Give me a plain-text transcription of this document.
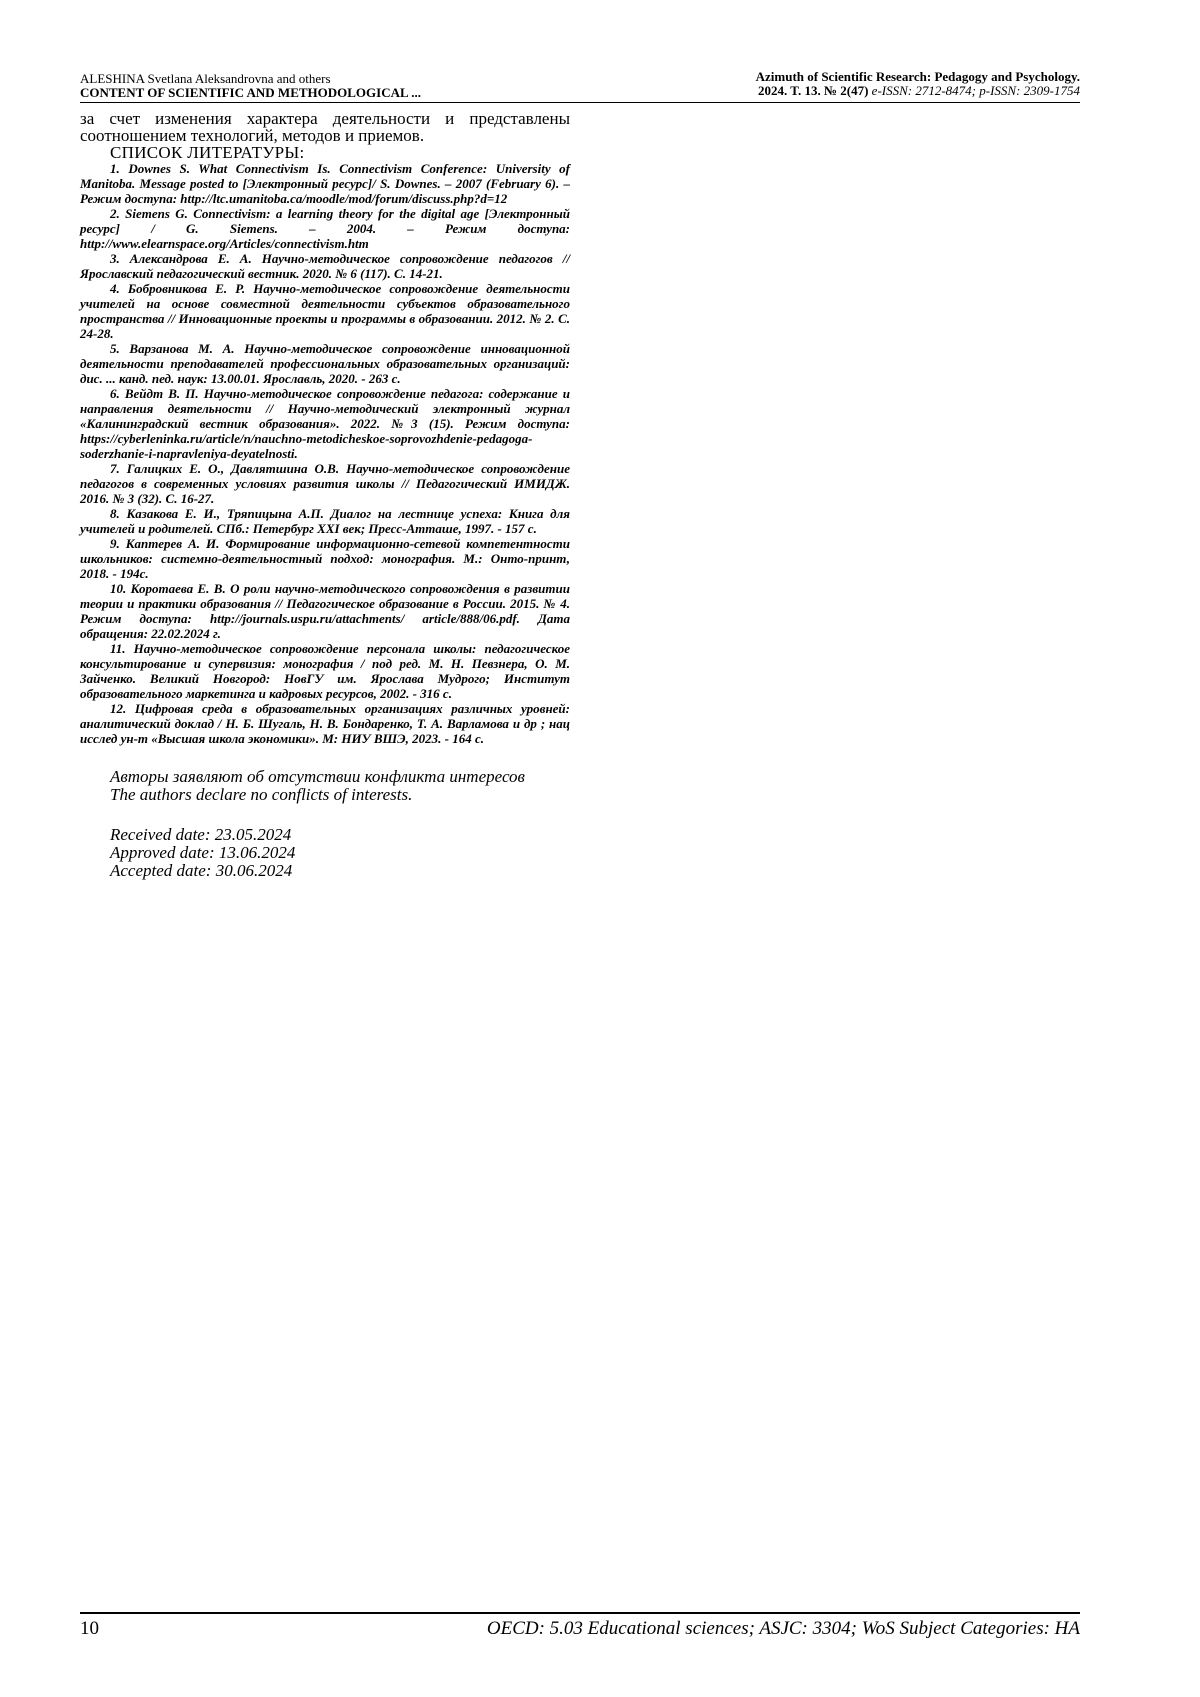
ALESHINA Svetlana Aleksandrovna and others
CONTENT OF SCIENTIFIC AND METHODOLOGICAL ...
Azimuth of Scientific Research: Pedagogy and Psychology.
2024. T. 13. № 2(47) e-ISSN: 2712-8474; p-ISSN: 2309-1754

за счет изменения характера деятельности и представлены соотношением технологий, методов и приемов.

СПИСОК ЛИТЕРАТУРЫ:

1. Downes S. What Connectivism Is. Connectivism Conference: University of Manitoba. Message posted to [Электронный ресурс]/ S. Downes. – 2007 (February 6). – Режим доступа: http://ltc.umanitoba.ca/moodle/mod/forum/discuss.php?d=12

2. Siemens G. Connectivism: a learning theory for the digital age [Электронный ресурс] / G. Siemens. – 2004. – Режим доступа: http://www.elearnspace.org/Articles/connectivism.htm

3. Александрова Е. А. Научно-методическое сопровождение педагогов // Ярославский педагогический вестник. 2020. № 6 (117). С. 14-21.

4. Бобровникова Е. Р. Научно-методическое сопровождение деятельности учителей на основе совместной деятельности субъектов образовательного пространства // Инновационные проекты и программы в образовании. 2012. № 2. С. 24-28.

5. Варзанова М. А. Научно-методическое сопровождение инновационной деятельности преподавателей профессиональных образовательных организаций: дис. ... канд. пед. наук: 13.00.01. Ярославль, 2020. - 263 с.

6. Вейдт В. П. Научно-методическое сопровождение педагога: содержание и направления деятельности // Научно-методический электронный журнал «Калининградский вестник образования». 2022. №3 (15). Режим доступа: https://cyberleninka.ru/article/n/nauchno-metodicheskoe-soprovozhdenie-pedagoga-soderzhanie-i-napravleniya-deyatelnosti.

7. Галицких Е. О., Давлятшина О.В. Научно-методическое сопровождение педагогов в современных условиях развития школы // Педагогический ИМИДЖ. 2016. № 3 (32). С. 16-27.

8. Казакова Е. И., Тряпицына А.П. Диалог на лестнице успеха: Книга для учителей и родителей. СПб.: Петербург XXI век; Пресс-Атташе, 1997. - 157 с.

9. Каптерев А. И. Формирование информационно-сетевой компетентности школьников: системно-деятельностный подход: монография. М.: Онто-принт, 2018. - 194с.

10. Коротаева Е. В. О роли научно-методического сопровождения в развитии теории и практики образования // Педагогическое образование в России. 2015. № 4. Режим доступа: http://journals.uspu.ru/attachments/ article/888/06.pdf. Дата обращения: 22.02.2024 г.

11. Научно-методическое сопровождение персонала школы: педагогическое консультирование и супервизия: монография / под ред. М. Н. Певзнера, О. М. Зайченко. Великий Новгород: НовГУ им. Ярослава Мудрого; Институт образовательного маркетинга и кадровых ресурсов, 2002. - 316 с.

12. Цифровая среда в образовательных организациях различных уровней: аналитический доклад / Н. Б. Шугаль, Н. В. Бондаренко, Т. А. Варламова и др ; нац исслед ун-т «Высшая школа экономики». М: НИУ ВШЭ, 2023. - 164 с.

Авторы заявляют об отсутствии конфликта интересов

The authors declare no conflicts of interests.

Received date: 23.05.2024

Approved date: 13.06.2024

Accepted date: 30.06.2024

10	OECD: 5.03 Educational sciences; ASJC: 3304; WoS Subject Categories: HA
